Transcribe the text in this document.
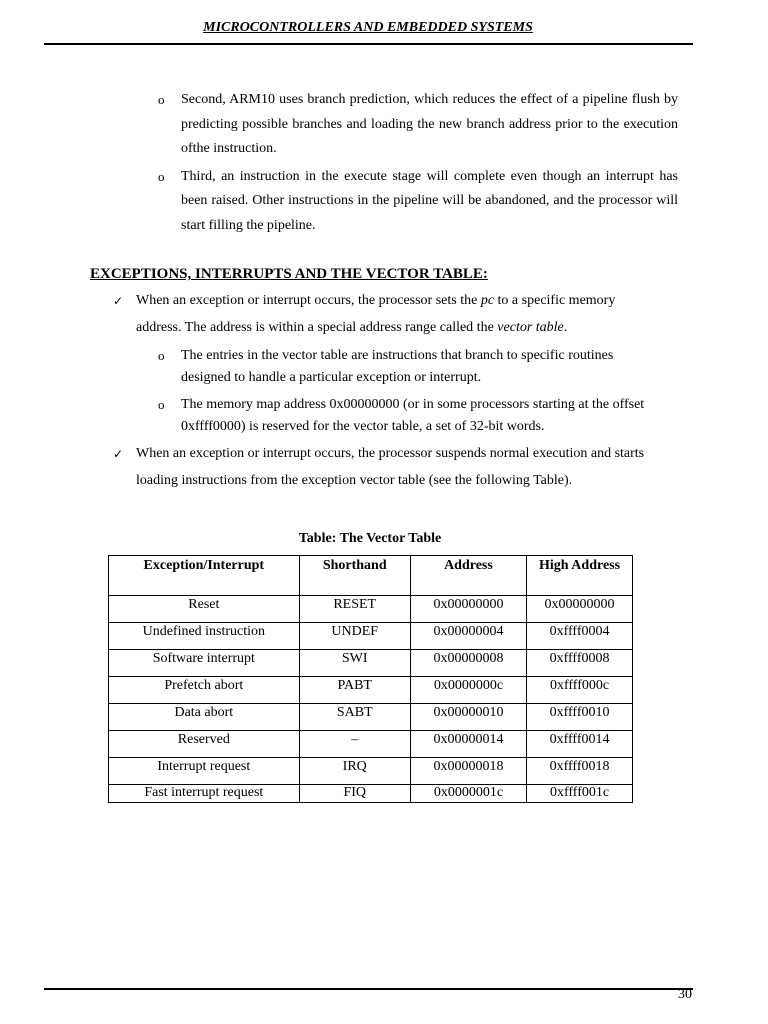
MICROCONTROLLERS AND EMBEDDED SYSTEMS
o Second, ARM10 uses branch prediction, which reduces the effect of a pipeline flush by predicting possible branches and loading the new branch address prior to the execution ofthe instruction.
o Third, an instruction in the execute stage will complete even though an interrupt has been raised. Other instructions in the pipeline will be abandoned, and the processor will start filling the pipeline.
EXCEPTIONS, INTERRUPTS AND THE VECTOR TABLE:
✓ When an exception or interrupt occurs, the processor sets the pc to a specific memory address. The address is within a special address range called the vector table.
o The entries in the vector table are instructions that branch to specific routines designed to handle a particular exception or interrupt.
o The memory map address 0x00000000 (or in some processors starting at the offset 0xffff0000) is reserved for the vector table, a set of 32-bit words.
✓ When an exception or interrupt occurs, the processor suspends normal execution and starts loading instructions from the exception vector table (see the following Table).
Table: The Vector Table
Exception/Interrupt	Shorthand	Address	High Address
Reset	RESET	0x00000000	0x00000000
Undefined instruction	UNDEF	0x00000004	0xffff0004
Software interrupt	SWI	0x00000008	0xffff0008
Prefetch abort	PABT	0x0000000c	0xffff000c
Data abort	SABT	0x00000010	0xffff0010
Reserved	–	0x00000014	0xffff0014
Interrupt request	IRQ	0x00000018	0xffff0018
Fast interrupt request	FIQ	0x0000001c	0xffff001c
30
